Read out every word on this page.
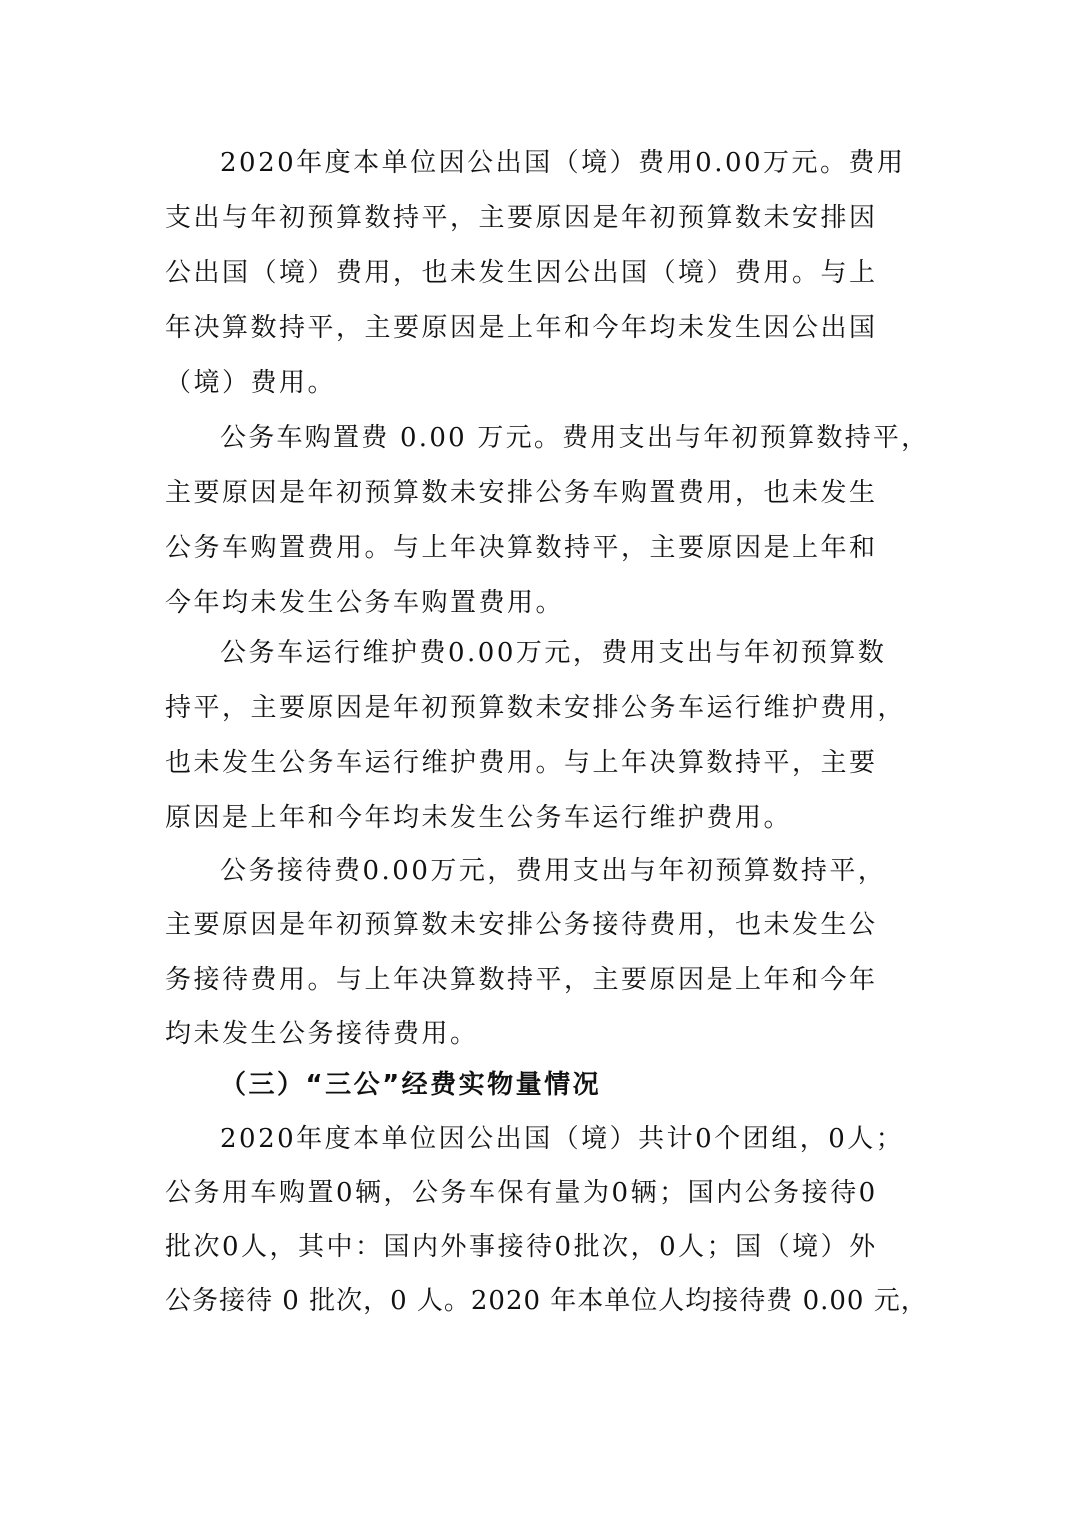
2020年度本单位因公出国（境）费用0.00万元。费用
支出与年初预算数持平，主要原因是年初预算数未安排因
公出国（境）费用，也未发生因公出国（境）费用。与上
年决算数持平，主要原因是上年和今年均未发生因公出国
（境）费用。
公务车购置费 0.00 万元。费用支出与年初预算数持平，
主要原因是年初预算数未安排公务车购置费用，也未发生
公务车购置费用。与上年决算数持平，主要原因是上年和
今年均未发生公务车购置费用。
公务车运行维护费0.00万元，费用支出与年初预算数
持平，主要原因是年初预算数未安排公务车运行维护费用，
也未发生公务车运行维护费用。与上年决算数持平，主要
原因是上年和今年均未发生公务车运行维护费用。
公务接待费0.00万元，费用支出与年初预算数持平，
主要原因是年初预算数未安排公务接待费用，也未发生公
务接待费用。与上年决算数持平，主要原因是上年和今年
均未发生公务接待费用。
（三）“三公”经费实物量情况
2020年度本单位因公出国（境）共计0个团组，0人；
公务用车购置0辆，公务车保有量为0辆；国内公务接待0
批次0人，其中：国内外事接待0批次，0人；国（境）外
公务接待 0 批次，0 人。2020 年本单位人均接待费 0.00 元，
